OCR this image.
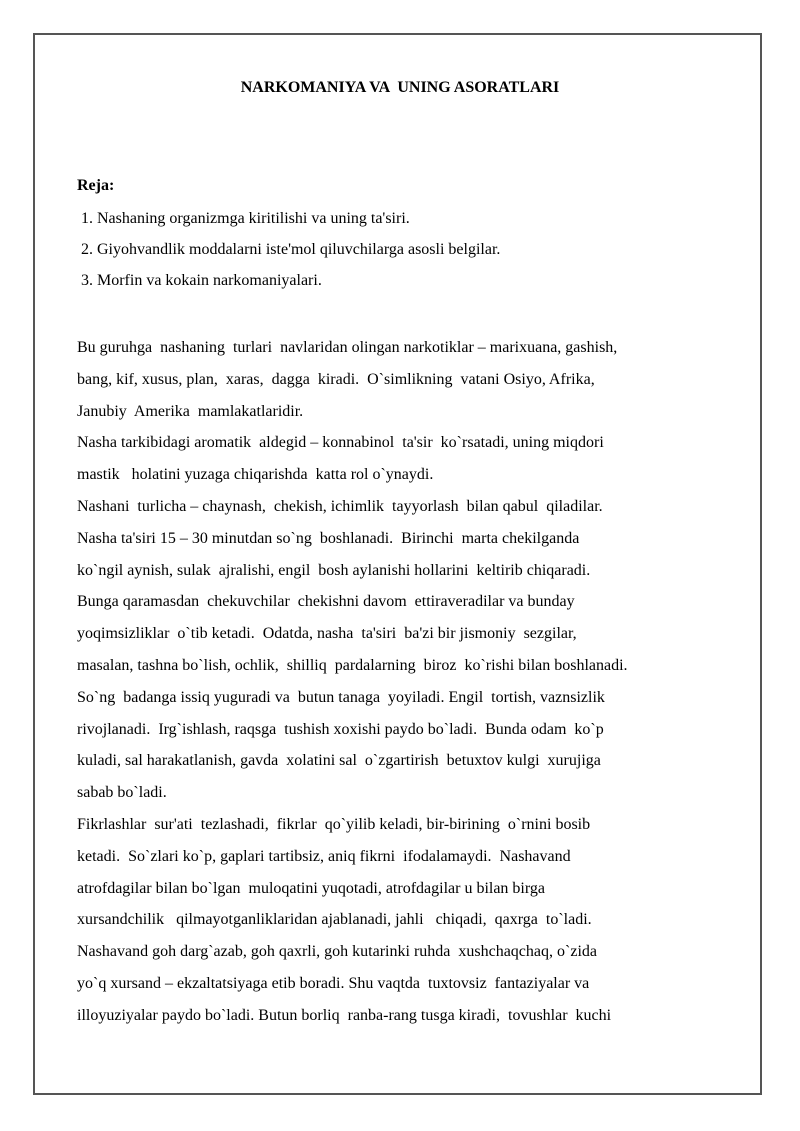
NARKOMANIYA VA  UNING ASORATLARI
Reja:
1. Nashaning organizmga kiritilishi va uning ta'siri.
2. Giyohvandlik moddalarni iste'mol qiluvchilarga asosli belgilar.
3. Morfin va kokain narkomaniyalari.
Bu guruhga  nashaning  turlari  navlaridan olingan narkotiklar – marixuana, gashish,
bang, kif, xusus, plan,  xaras,  dagga  kiradi.  O`simlikning  vatani Osiyo, Afrika,
Janubiy  Amerika  mamlakatlaridir.
Nasha tarkibidagi aromatik  aldegid – konnabinol  ta'sir  ko`rsatadi, uning miqdori
mastik   holatini yuzaga chiqarishda  katta rol o`ynaydi.
Nashani  turlicha – chaynash,  chekish, ichimlik  tayyorlash  bilan qabul  qiladilar.
Nasha ta'siri 15 – 30 minutdan so`ng  boshlanadi.  Birinchi  marta chekilganda
ko`ngil aynish, sulak  ajralishi, engil  bosh aylanishi hollarini  keltirib chiqaradi.
Bunga qaramasdan  chekuvchilar  chekishni davom  ettiraveradilar va bunday
yoqimsizliklar  o`tib ketadi.  Odatda, nasha  ta'siri  ba'zi bir jismoniy  sezgilar,
masalan, tashna bo`lish, ochlik,  shilliq  pardalarning  biroz  ko`rishi bilan boshlanadi.
So`ng  badanga issiq yuguradi va  butun tanaga  yoyiladi. Engil  tortish, vaznsizlik
rivojlanadi.  Irg`ishlash, raqsga  tushish xoxishi paydo bo`ladi.  Bunda odam  ko`p
kuladi, sal harakatlanish, gavda  xolatini sal  o`zgartirish  betuxtov kulgi  xurujiga
sabab bo`ladi.
Fikrlashlar  sur'ati  tezlashadi,  fikrlar  qo`yilib keladi, bir-birining  o`rnini bosib
ketadi.  So`zlari ko`p, gaplari tartibsiz, aniq fikrni  ifodalamaydi.  Nashavand
atrofdagilar bilan bo`lgan  muloqatini yuqotadi, atrofdagilar u bilan birga
xursandchilik   qilmayotganliklaridan ajablanadi, jahli   chiqadi,  qaxrga  to`ladi.
Nashavand goh darg`azab, goh qaxrli, goh kutarinki ruhda  xushchaqchaq, o`zida
yo`q xursand – ekzaltatsiyaga etib boradi. Shu vaqtda  tuxtovsiz  fantaziyalar va
illoyuziyalar paydo bo`ladi. Butun borliq  ranba-rang tusga kiradi,  tovushlar  kuchi
